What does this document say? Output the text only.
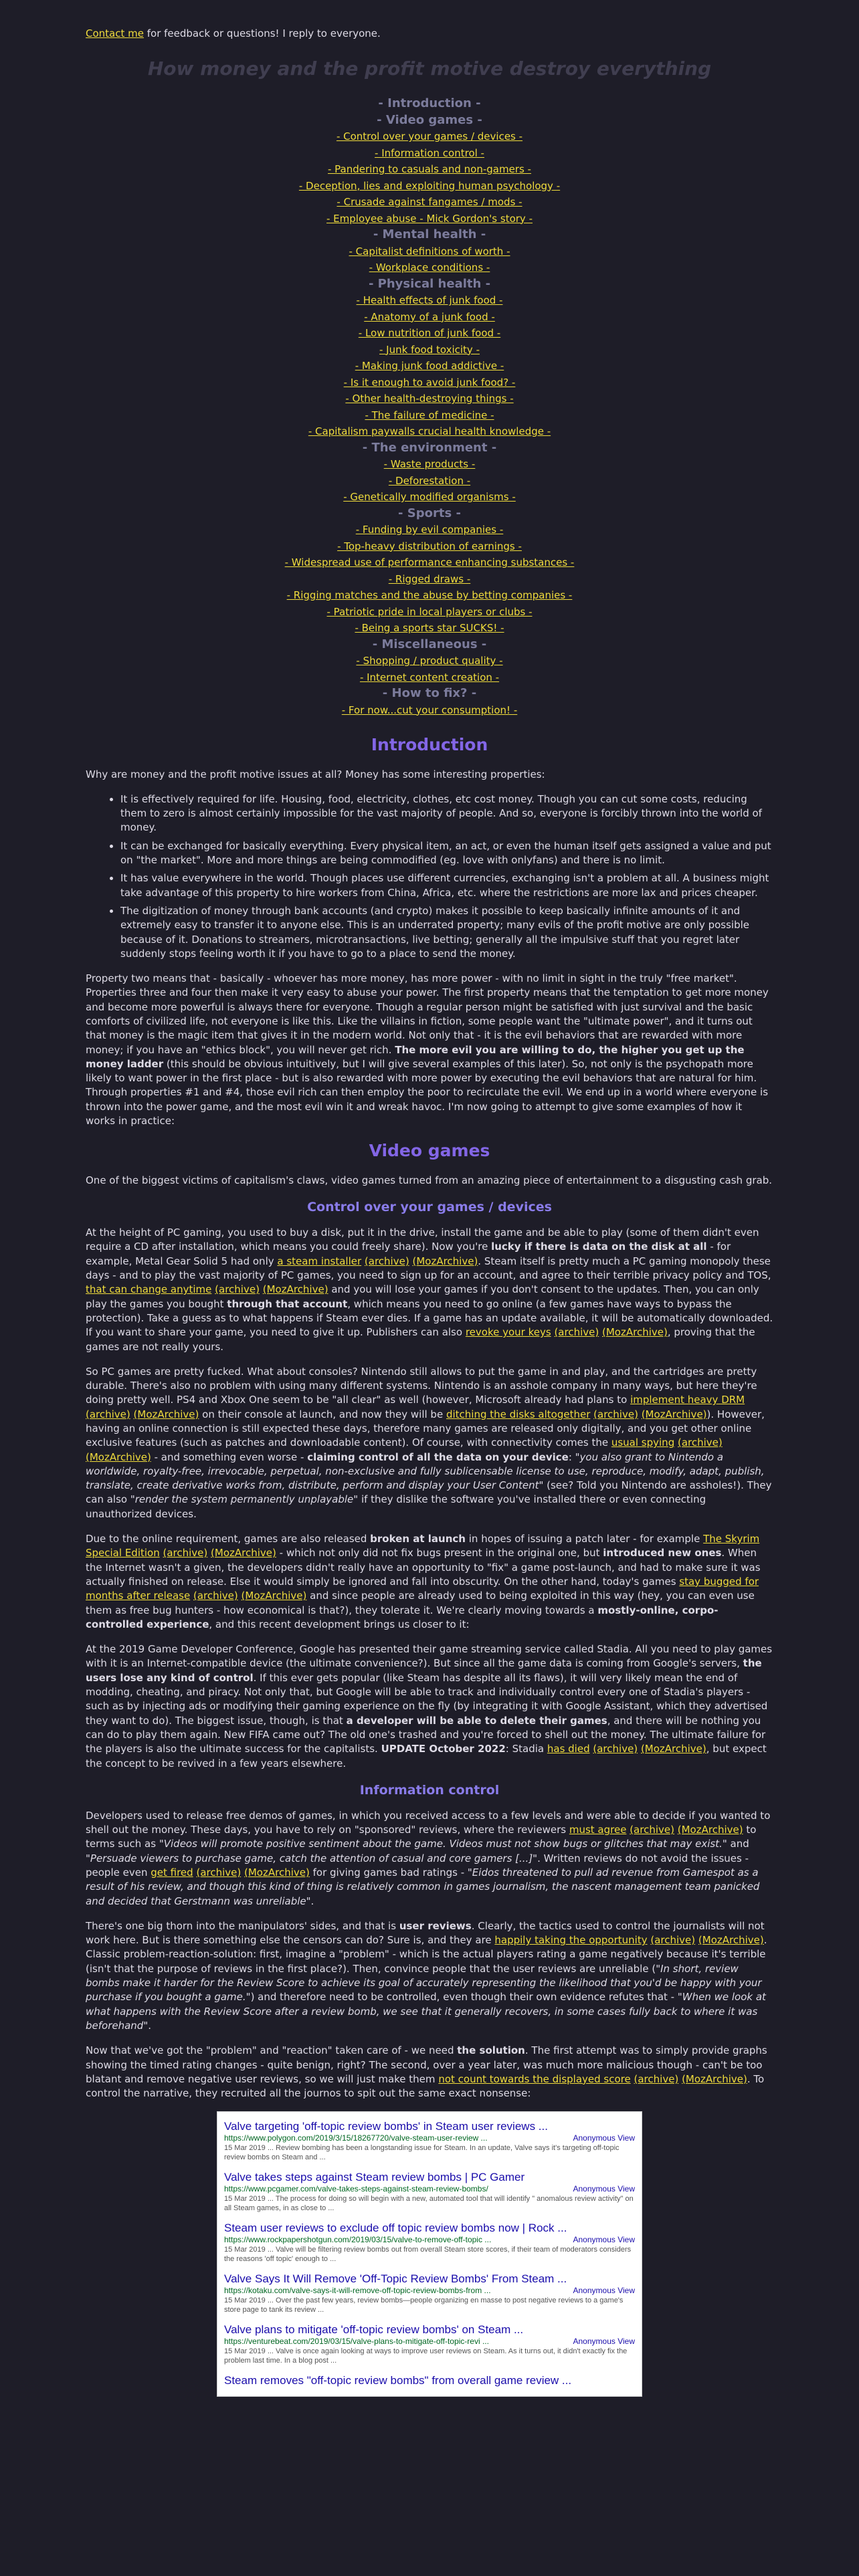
Contact me for feedback or questions! I reply to everyone.

How money and the profit motive destroy everything
- Introduction -
- Video games -
- Control over your games / devices -
- Information control -
- Pandering to casuals and non-gamers -
- Deception, lies and exploiting human psychology -
- Crusade against fangames / mods -
- Employee abuse - Mick Gordon's story -
- Mental health -
- Capitalist definitions of worth -
- Workplace conditions -
- Physical health -
- Health effects of junk food -
- Anatomy of a junk food -
- Low nutrition of junk food -
- Junk food toxicity -
- Making junk food addictive -
- Is it enough to avoid junk food? -
- Other health-destroying things -
- The failure of medicine -
- Capitalism paywalls crucial health knowledge -
- The environment -
- Waste products -
- Deforestation -
- Genetically modified organisms -
- Sports -
- Funding by evil companies -
- Top-heavy distribution of earnings -
- Widespread use of performance enhancing substances -
- Rigged draws -
- Rigging matches and the abuse by betting companies -
- Patriotic pride in local players or clubs -
- Being a sports star SUCKS! -
- Miscellaneous -
- Shopping / product quality -
- Internet content creation -
- How to fix? -
- For now...cut your consumption! -
Introduction

Why are money and the profit motive issues at all? Money has some interesting properties:

• It is effectively required for life. Housing, food, electricity, clothes, etc cost money. Though you can cut some costs, reducing them to zero is almost certainly impossible for the vast majority of people. And so, everyone is forcibly thrown into the world of money.
• It can be exchanged for basically everything. Every physical item, an act, or even the human itself gets assigned a value and put on "the market". More and more things are being commodified (eg. love with onlyfans) and there is no limit.
• It has value everywhere in the world. Though places use different currencies, exchanging isn't a problem at all. A business might take advantage of this property to hire workers from China, Africa, etc. where the restrictions are more lax and prices cheaper.
• The digitization of money through bank accounts (and crypto) makes it possible to keep basically infinite amounts of it and extremely easy to transfer it to anyone else. This is an underrated property; many evils of the profit motive are only possible because of it. Donations to streamers, microtransactions, live betting; generally all the impulsive stuff that you regret later suddenly stops feeling worth it if you have to go to a place to send the money.

Property two means that - basically - whoever has more money, has more power - with no limit in sight in the truly "free market". Properties three and four then make it very easy to abuse your power. The first property means that the temptation to get more money and become more powerful is always there for everyone. Though a regular person might be satisfied with just survival and the basic comforts of civilized life, not everyone is like this. Like the villains in fiction, some people want the "ultimate power", and it turns out that money is the magic item that gives it in the modern world. Not only that - it is the evil behaviors that are rewarded with more money; if you have an "ethics block", you will never get rich. The more evil you are willing to do, the higher you get up the money ladder (this should be obvious intuitively, but I will give several examples of this later). So, not only is the psychopath more likely to want power in the first place - but is also rewarded with more power by executing the evil behaviors that are natural for him. Through properties #1 and #4, those evil rich can then employ the poor to recirculate the evil. We end up in a world where everyone is thrown into the power game, and the most evil win it and wreak havoc. I'm now going to attempt to give some examples of how it works in practice:

Video games

One of the biggest victims of capitalism's claws, video games turned from an amazing piece of entertainment to a disgusting cash grab.

Control over your games / devices

At the height of PC gaming, you used to buy a disk, put it in the drive, install the game and be able to play (some of them didn't even require a CD after installation, which means you could freely share). Now you're lucky if there is data on the disk at all - for example, Metal Gear Solid 5 had only a steam installer (archive) (MozArchive). Steam itself is pretty much a PC gaming monopoly these days - and to play the vast majority of PC games, you need to sign up for an account, and agree to their terrible privacy policy and TOS, that can change anytime (archive) (MozArchive) and you will lose your games if you don't consent to the updates. Then, you can only play the games you bought through that account, which means you need to go online (a few games have ways to bypass the protection). Take a guess as to what happens if Steam ever dies. If a game has an update available, it will be automatically downloaded. If you want to share your game, you need to give it up. Publishers can also revoke your keys (archive) (MozArchive), proving that the games are not really yours.

So PC games are pretty fucked. What about consoles? Nintendo still allows to put the game in and play, and the cartridges are pretty durable. There's also no problem with using many different systems. Nintendo is an asshole company in many ways, but here they're doing pretty well. PS4 and Xbox One seem to be "all clear" as well (however, Microsoft already had plans to implement heavy DRM (archive) (MozArchive) on their console at launch, and now they will be ditching the disks altogether (archive) (MozArchive)). However, having an online connection is still expected these days, therefore many games are released only digitally, and you get other online exclusive features (such as patches and downloadable content). Of course, with connectivity comes the usual spying (archive) (MozArchive) - and something even worse - claiming control of all the data on your device: "you also grant to Nintendo a worldwide, royalty-free, irrevocable, perpetual, non-exclusive and fully sublicensable license to use, reproduce, modify, adapt, publish, translate, create derivative works from, distribute, perform and display your User Content" (see? Told you Nintendo are assholes!). They can also "render the system permanently unplayable" if they dislike the software you've installed there or even connecting unauthorized devices.

Due to the online requirement, games are also released broken at launch in hopes of issuing a patch later - for example The Skyrim Special Edition (archive) (MozArchive) - which not only did not fix bugs present in the original one, but introduced new ones. When the Internet wasn't a given, the developers didn't really have an opportunity to "fix" a game post-launch, and had to make sure it was actually finished on release. Else it would simply be ignored and fall into obscurity. On the other hand, today's games stay bugged for months after release (archive) (MozArchive) and since people are already used to being exploited in this way (hey, you can even use them as free bug hunters - how economical is that?), they tolerate it. We're clearly moving towards a mostly-online, corpo-controlled experience, and this recent development brings us closer to it:

At the 2019 Game Developer Conference, Google has presented their game streaming service called Stadia. All you need to play games with it is an Internet-compatible device (the ultimate convenience?). But since all the game data is coming from Google's servers, the users lose any kind of control. If this ever gets popular (like Steam has despite all its flaws), it will very likely mean the end of modding, cheating, and piracy. Not only that, but Google will be able to track and individually control every one of Stadia's players - such as by injecting ads or modifying their gaming experience on the fly (by integrating it with Google Assistant, which they advertised they want to do). The biggest issue, though, is that a developer will be able to delete their games, and there will be nothing you can do to play them again. New FIFA came out? The old one's trashed and you're forced to shell out the money. The ultimate failure for the players is also the ultimate success for the capitalists. UPDATE October 2022: Stadia has died (archive) (MozArchive), but expect the concept to be revived in a few years elsewhere.

Information control

Developers used to release free demos of games, in which you received access to a few levels and were able to decide if you wanted to shell out the money. These days, you have to rely on "sponsored" reviews, where the reviewers must agree (archive) (MozArchive) to terms such as "Videos will promote positive sentiment about the game. Videos must not show bugs or glitches that may exist." and "Persuade viewers to purchase game, catch the attention of casual and core gamers [...]". Written reviews do not avoid the issues - people even get fired (archive) (MozArchive) for giving games bad ratings - "Eidos threatened to pull ad revenue from Gamespot as a result of his review, and though this kind of thing is relatively common in games journalism, the nascent management team panicked and decided that Gerstmann was unreliable".

There's one big thorn into the manipulators' sides, and that is user reviews. Clearly, the tactics used to control the journalists will not work here. But is there something else the censors can do? Sure is, and they are happily taking the opportunity (archive) (MozArchive). Classic problem-reaction-solution: first, imagine a "problem" - which is the actual players rating a game negatively because it's terrible (isn't that the purpose of reviews in the first place?). Then, convince people that the user reviews are unreliable ("In short, review bombs make it harder for the Review Score to achieve its goal of accurately representing the likelihood that you'd be happy with your purchase if you bought a game.") and therefore need to be controlled, even though their own evidence refutes that - "When we look at what happens with the Review Score after a review bomb, we see that it generally recovers, in some cases fully back to where it was beforehand".

Now that we've got the "problem" and "reaction" taken care of - we need the solution. The first attempt was to simply provide graphs showing the timed rating changes - quite benign, right? The second, over a year later, was much more malicious though - can't be too blatant and remove negative user reviews, so we will just make them not count towards the displayed score (archive) (MozArchive). To control the narrative, they recruited all the journos to spit out the same exact nonsense:

Valve targeting 'off-topic review bombs' in Steam user reviews ...
https://www.polygon.com/2019/3/15/18267720/valve-steam-user-review ...	Anonymous View
15 Mar 2019 ... Review bombing has been a longstanding issue for Steam. In an update, Valve says it's targeting off-topic review bombs on Steam and ...
Valve takes steps against Steam review bombs | PC Gamer
https://www.pcgamer.com/valve-takes-steps-against-steam-review-bombs/	Anonymous View
15 Mar 2019 ... The process for doing so will begin with a new, automated tool that will identify " anomalous review activity" on all Steam games, in as close to ...
Steam user reviews to exclude off topic review bombs now | Rock ...
https://www.rockpapershotgun.com/2019/03/15/valve-to-remove-off-topic ...	Anonymous View
15 Mar 2019 ... Valve will be filtering review bombs out from overall Steam store scores, if their team of moderators considers the reasons 'off topic' enough to ...
Valve Says It Will Remove 'Off-Topic Review Bombs' From Steam ...
https://kotaku.com/valve-says-it-will-remove-off-topic-review-bombs-from ...	Anonymous View
15 Mar 2019 ... Over the past few years, review bombs—people organizing en masse to post negative reviews to a game's store page to tank its review ...
Valve plans to mitigate 'off-topic review bombs' on Steam ...
https://venturebeat.com/2019/03/15/valve-plans-to-mitigate-off-topic-revi ...	Anonymous View
15 Mar 2019 ... Valve is once again looking at ways to improve user reviews on Steam. As it turns out, it didn't exactly fix the problem last time. In a blog post ...
Steam removes "off-topic review bombs" from overall game review ...
